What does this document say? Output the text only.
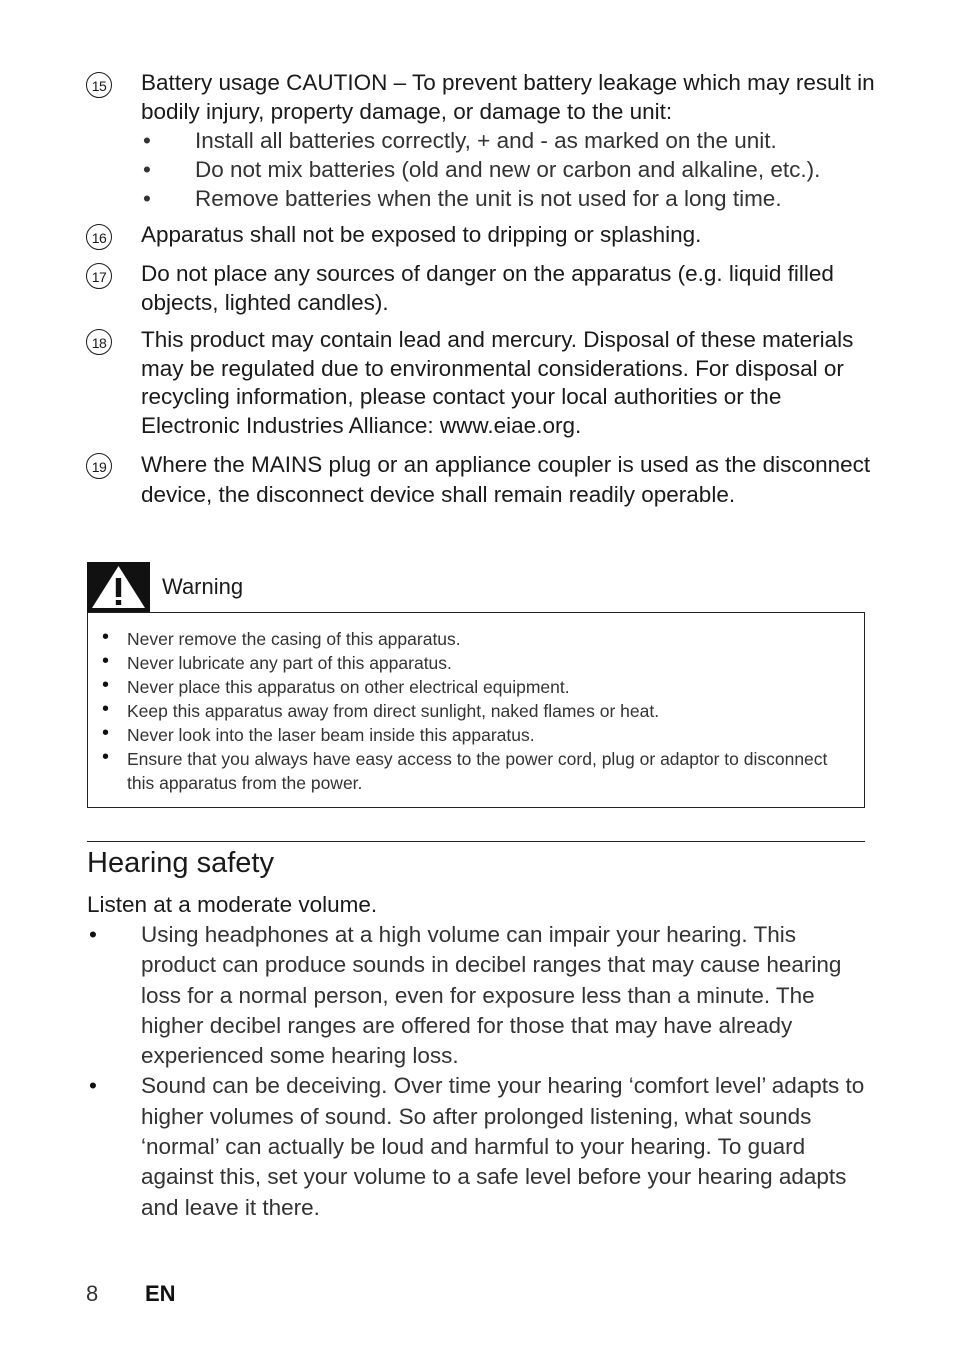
15 Battery usage CAUTION – To prevent battery leakage which may result in bodily injury, property damage, or damage to the unit:
• Install all batteries correctly, + and - as marked on the unit.
• Do not mix batteries (old and new or carbon and alkaline, etc.).
• Remove batteries when the unit is not used for a long time.
16 Apparatus shall not be exposed to dripping or splashing.
17 Do not place any sources of danger on the apparatus (e.g. liquid filled objects, lighted candles).
18 This product may contain lead and mercury. Disposal of these materials may be regulated due to environmental considerations. For disposal or recycling information, please contact your local authorities or the Electronic Industries Alliance: www.eiae.org.
19 Where the MAINS plug or an appliance coupler is used as the disconnect device, the disconnect device shall remain readily operable.
Warning
• Never remove the casing of this apparatus.
• Never lubricate any part of this apparatus.
• Never place this apparatus on other electrical equipment.
• Keep this apparatus away from direct sunlight, naked flames or heat.
• Never look into the laser beam inside this apparatus.
• Ensure that you always have easy access to the power cord, plug or adaptor to disconnect this apparatus from the power.
Hearing safety
Listen at a moderate volume.
• Using headphones at a high volume can impair your hearing. This product can produce sounds in decibel ranges that may cause hearing loss for a normal person, even for exposure less than a minute. The higher decibel ranges are offered for those that may have already experienced some hearing loss.
• Sound can be deceiving. Over time your hearing ‘comfort level’ adapts to higher volumes of sound. So after prolonged listening, what sounds ‘normal’ can actually be loud and harmful to your hearing. To guard against this, set your volume to a safe level before your hearing adapts and leave it there.
8 EN
